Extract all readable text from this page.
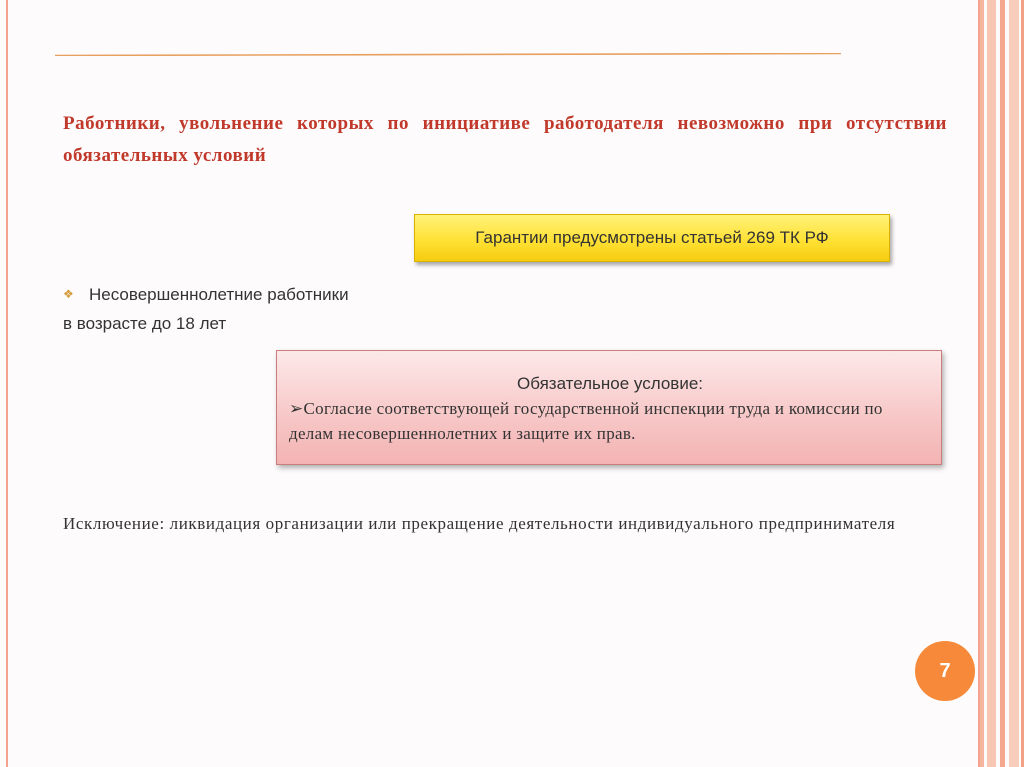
Работники, увольнение которых по инициативе работодателя невозможно при отсутствии обязательных условий
Гарантии предусмотрены статьей 269 ТК РФ
❖ Несовершеннолетние работники
в возрасте до 18 лет
Обязательное условие:
➢Согласие соответствующей государственной инспекции труда и комиссии по делам несовершеннолетних и защите их прав.
Исключение: ликвидация организации или прекращение деятельности индивидуального предпринимателя
7
